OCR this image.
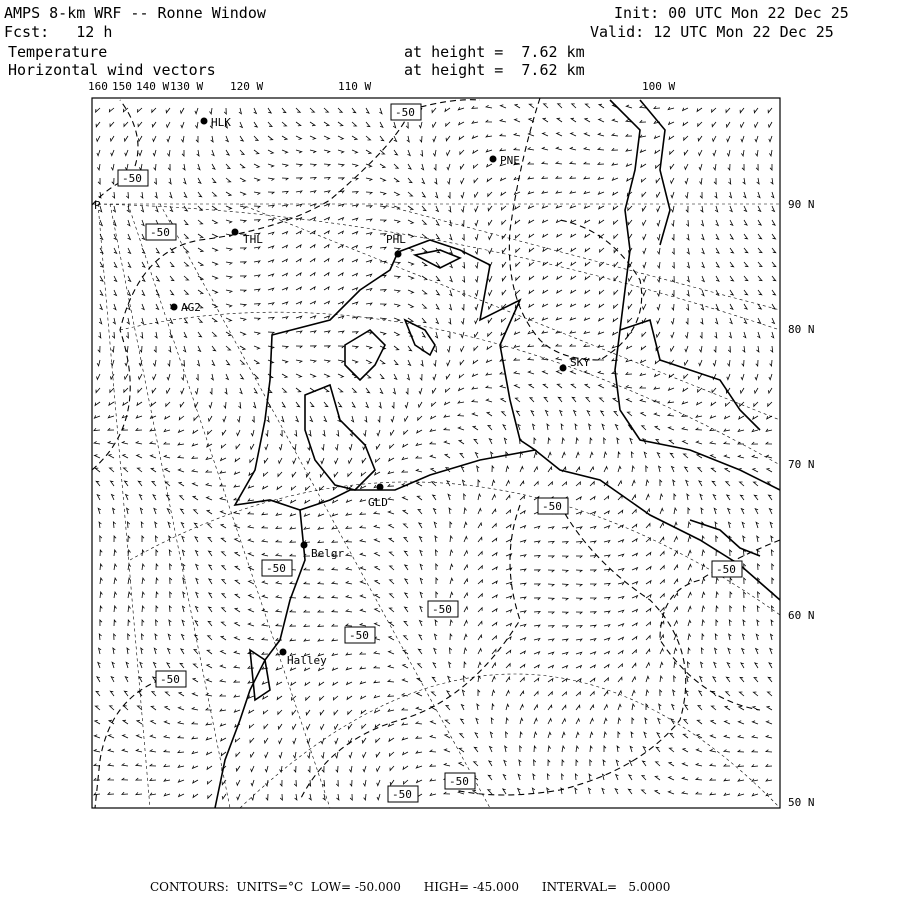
AMPS 8-km WRF -- Ronne Window
Fcst:   12 h
Init: 00 UTC Mon 22 Dec 25
Valid: 12 UTC Mon 22 Dec 25
Temperature
Horizontal wind vectors
at height =  7.62 km
at height =  7.62 km
160 150 140 W 130 W 120 W	110 W	100 W
90 N
80 N
70 N
60 N
50 N
P
HLK
PNE
THL	PHL
AG2
SKY
GLD
Belgr
Halley
-50
-50
-50
-50
-50
-50
-50
-50
-50
-50
-50
CONTOURS:  UNITS=°C  LOW= -50.000      HIGH= -45.000      INTERVAL=   5.0000
